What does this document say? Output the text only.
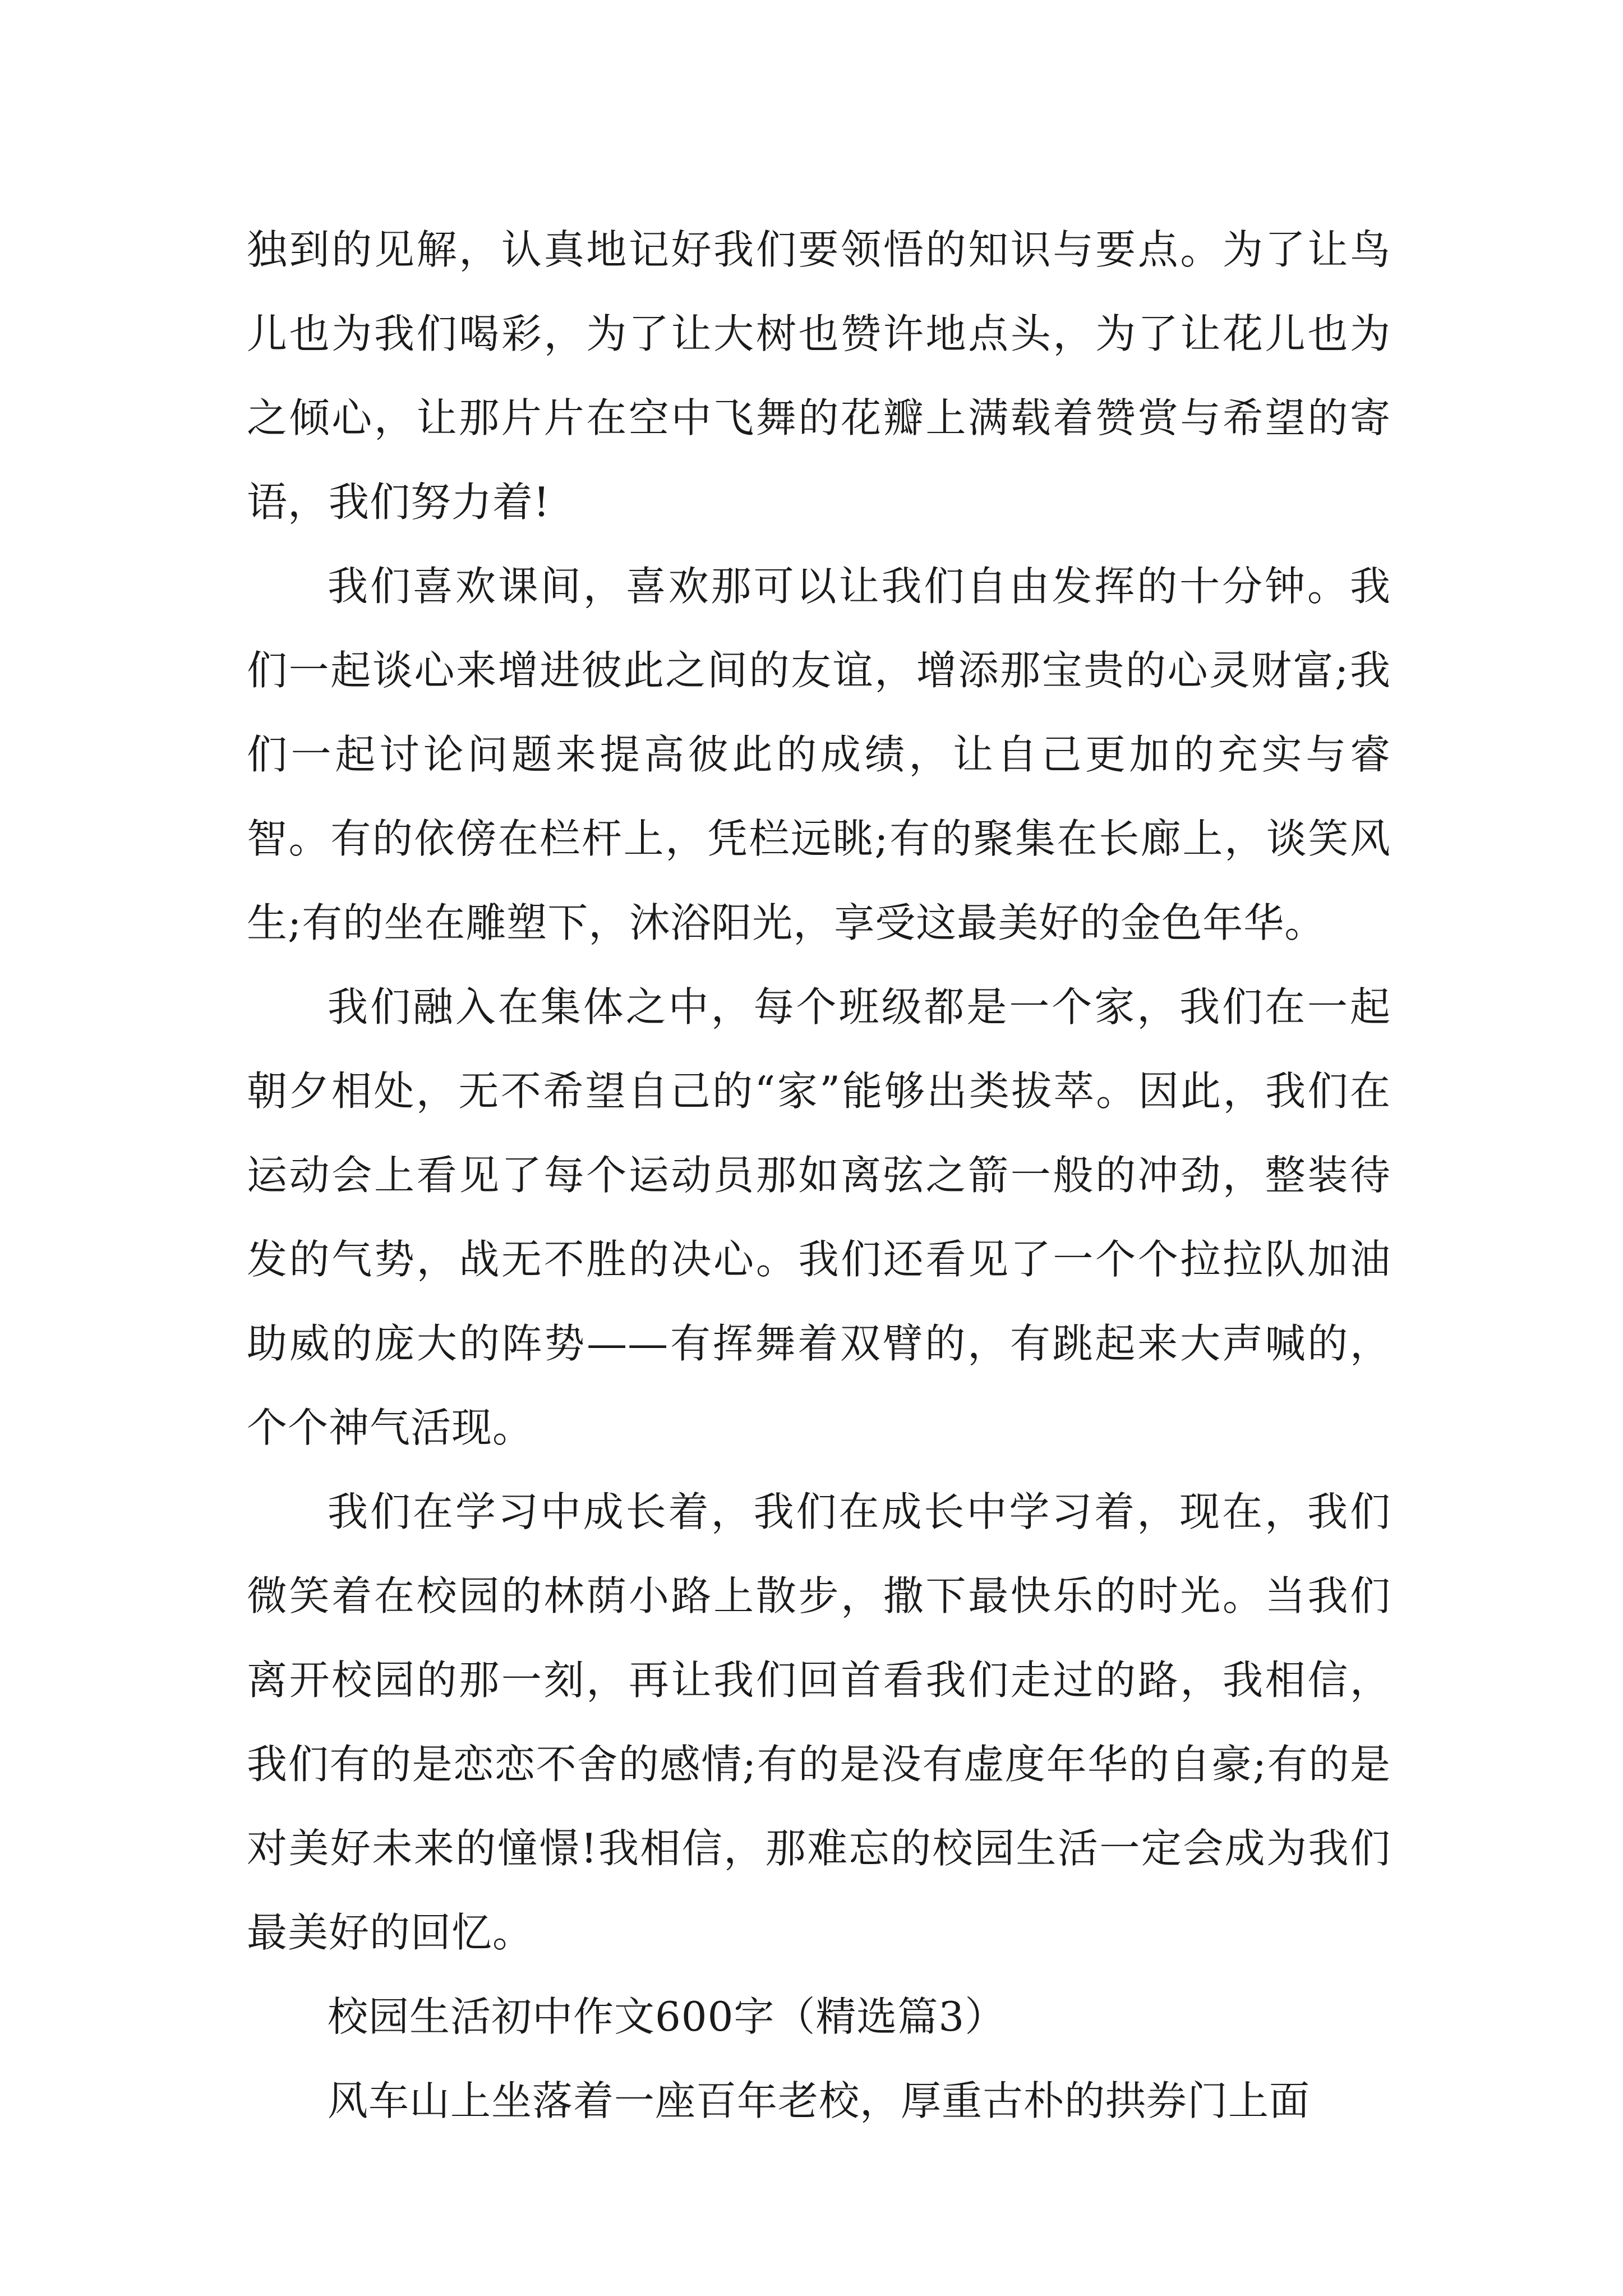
独到的见解，认真地记好我们要领悟的知识与要点。为了让鸟儿也为我们喝彩，为了让大树也赞许地点头，为了让花儿也为之倾心，让那片片在空中飞舞的花瓣上满载着赞赏与希望的寄语，我们努力着!

我们喜欢课间，喜欢那可以让我们自由发挥的十分钟。我们一起谈心来增进彼此之间的友谊，增添那宝贵的心灵财富;我们一起讨论问题来提高彼此的成绩，让自己更加的充实与睿智。有的依傍在栏杆上，凭栏远眺;有的聚集在长廊上，谈笑风生;有的坐在雕塑下，沐浴阳光，享受这最美好的金色年华。

我们融入在集体之中，每个班级都是一个家，我们在一起朝夕相处，无不希望自己的“家”能够出类拔萃。因此，我们在运动会上看见了每个运动员那如离弦之箭一般的冲劲，整装待发的气势，战无不胜的决心。我们还看见了一个个拉拉队加油助威的庞大的阵势——有挥舞着双臂的，有跳起来大声喊的，个个神气活现。

我们在学习中成长着，我们在成长中学习着，现在，我们微笑着在校园的林荫小路上散步，撒下最快乐的时光。当我们离开校园的那一刻，再让我们回首看我们走过的路，我相信，我们有的是恋恋不舍的感情;有的是没有虚度年华的自豪;有的是对美好未来的憧憬!我相信，那难忘的校园生活一定会成为我们最美好的回忆。

校园生活初中作文600字（精选篇3）

风车山上坐落着一座百年老校，厚重古朴的拱券门上面
